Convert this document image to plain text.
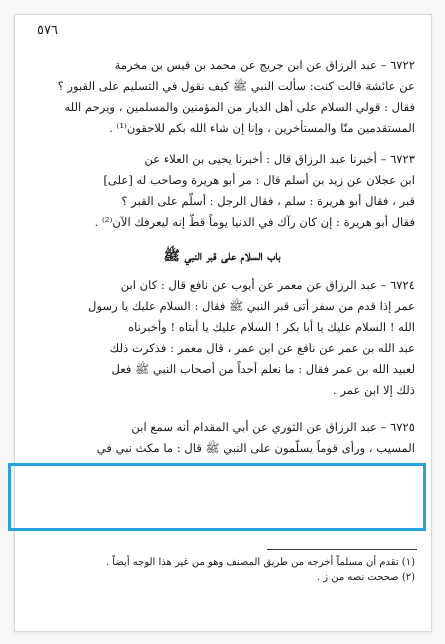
٥٧٦

٦٧٢٢ – عبد الرزاق عن ابن جريج عن محمد بن قيس بن مخرمة

عن عائشة قالت كنت: سألت النبي ﷺ كيف نقول في التسليم على القبور ؟

فقال : قولي السلام على أهل الديار من المؤمنين والمسلمين ، ويرحم الله

المستقدمين منّا والمستأخرين ، وإنا إن شاء الله بكم للاحقون⁽¹⁾ .

٦٧٢٣ – أخبرنا عبد الرزاق قال : أخبرنا يحيى بن العلاء عن

ابن عجلان عن زيد بن أسلم قال : مر أبو هريرة وصاحب له [على]

قبر ، فقال أبو هريرة : سلم ، فقال الرجل : أسلّم على القبر ؟

فقال أبو هريرة : إن كان رآك في الدنيا يوماً قطّ إنه ليعرفك الآن⁽²⁾ .

باب السلام على قبر النبي ﷺ

٦٧٢٤ – عبد الرزاق عن معمر عن أيوب عن نافع قال : كان ابن

عمر إذا قدم من سفر أتى قبر النبي ﷺ فقال : السلام عليك يا رسول

الله ! السلام عليك يا أبا بكر ! السلام عليك يا أبتاه ! وأخبرناه

عبد الله بن عمر عن نافع عن ابن عمر ، قال معمر : فذكرت ذلك

لعبيد الله بن عمر فقال : ما نعلم أحداً من أصحاب النبي ﷺ فعل

ذلك إلا ابن عمر .

٦٧٢٥ – عبد الرزاق عن الثوري عن أبي المقدام أنه سمع ابن

المسيب ، ورأى قوماً يسلّمون على النبي ﷺ قال : ما مكث نبي في

(١) تقدم أن مسلماً أخرجه من طريق المصنف وهو من غير هذا الوجه أيضاً .
(٢) صححت نصه من ز .
